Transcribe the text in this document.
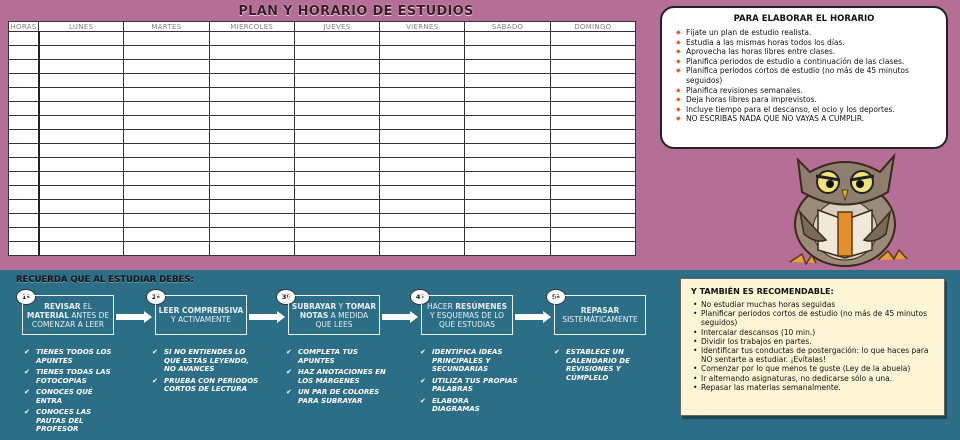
PLAN Y HORARIO DE ESTUDIOS
HORAS	LUNES	MARTES	MIÉRCOLES	JUEVES	VIERNES	SÁBADO	DOMINGO

PARA ELABORAR EL HORARIO
◆ Fíjate un plan de estudio realista.
◆ Estudia a las mismas horas todos los días.
◆ Aprovecha las horas libres entre clases.
◆ Planifica periodos de estudio a continuación de las clases.
◆ Planifica periodos cortos de estudio (no más de 45 minutos seguidos)
◆ Planifica revisiones semanales.
◆ Deja horas libres para imprevistos.
◆ Incluye tiempo para el descanso, el ocio y los deportes.
◆ NO ESCRIBAS NADA QUE NO VAYAS A CUMPLIR.
RECUERDA QUE AL ESTUDIAR DEBES:
1º
REVISAR EL MATERIAL ANTES DE COMENZAR A LEER
2º
LEER COMPRENSIVA Y ACTIVAMENTE
3º
SUBRAYAR Y TOMAR NOTAS A MEDIDA QUE LEES
4º
HACER RESÚMENES Y ESQUEMAS DE LO QUE ESTUDIAS
5º
REPASAR SISTEMÁTICAMENTE
✔ TIENES TODOS LOS APUNTES
✔ TIENES TODAS LAS FOTOCOPIAS
✔ CONOCES QUÉ ENTRA
✔ CONOCES LAS PAUTAS DEL PROFESOR
✔ SI NO ENTIENDES LO QUE ESTÁS LEYENDO, NO AVANCES
✔ PRUEBA CON PERIODOS CORTOS DE LECTURA
✔ COMPLETA TUS APUNTES
✔ HAZ ANOTACIONES EN LOS MÁRGENES
✔ UN PAR DE COLORES PARA SUBRAYAR
✔ IDENTIFICA IDEAS PRINCIPALES Y SECUNDARIAS
✔ UTILIZA TUS PROPIAS PALABRAS
✔ ELABORA DIAGRAMAS
✔ ESTABLECE UN CALENDARIO DE REVISIONES Y CÚMPLELO
Y TAMBIÉN ES RECOMENDABLE:
• No estudiar muchas horas seguidas
• Planificar periodos cortos de estudio (no más de 45 minutos seguidos)
• Intercalar descansos (10 min.)
• Dividir los trabajos en partes.
• Identificar tus conductas de postergación: lo que haces para NO sentarte a estudiar. ¡Evítalas!
• Comenzar por lo que menos te guste (Ley de la abuela)
• Ir alternando asignaturas, no dedicarse sólo a una.
• Repasar las materias semanalmente.
